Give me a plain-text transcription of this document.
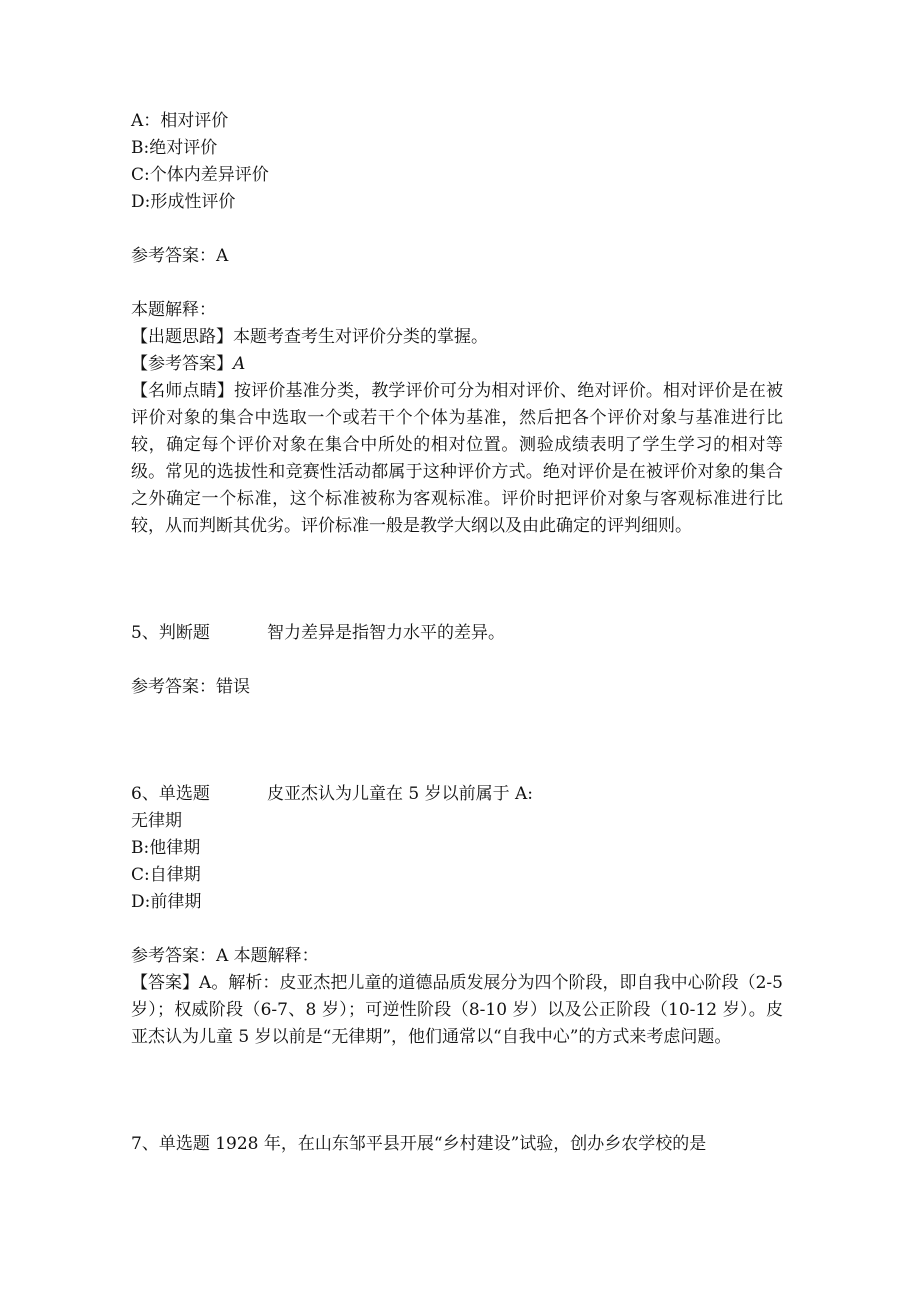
A：相对评价
B:绝对评价
C:个体内差异评价
D:形成性评价
参考答案：A
本题解释：
【出题思路】本题考查考生对评价分类的掌握。
【参考答案】A
【名师点睛】按评价基准分类，教学评价可分为相对评价、绝对评价。相对评价是在被评价对象的集合中选取一个或若干个个体为基准，然后把各个评价对象与基准进行比较，确定每个评价对象在集合中所处的相对位置。测验成绩表明了学生学习的相对等级。常见的选拔性和竞赛性活动都属于这种评价方式。绝对评价是在被评价对象的集合之外确定一个标准，这个标准被称为客观标准。评价时把评价对象与客观标准进行比较，从而判断其优劣。评价标准一般是教学大纲以及由此确定的评判细则。
5、判断题	智力差异是指智力水平的差异。
参考答案：错误
6、单选题	皮亚杰认为儿童在 5 岁以前属于 A:
无律期
B:他律期
C:自律期
D:前律期
参考答案：A 本题解释：
【答案】A。解析：皮亚杰把儿童的道德品质发展分为四个阶段，即自我中心阶段（2-5 岁）；权威阶段（6-7、8 岁）；可逆性阶段（8-10 岁）以及公正阶段（10-12 岁）。皮亚杰认为儿童 5 岁以前是“无律期”，他们通常以“自我中心”的方式来考虑问题。
7、单选题 1928 年，在山东邹平县开展“乡村建设”试验，创办乡农学校的是
